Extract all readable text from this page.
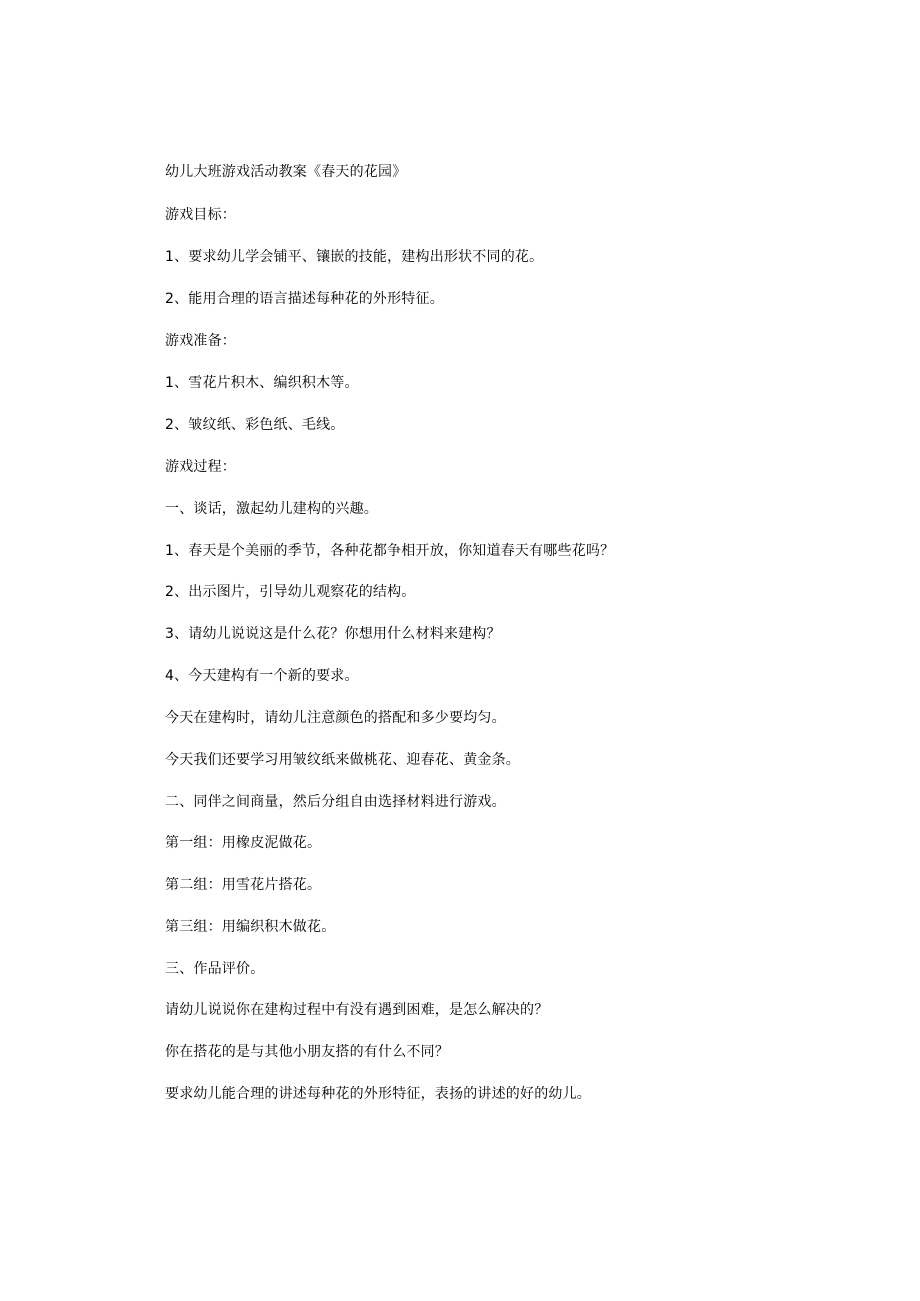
幼儿大班游戏活动教案《春天的花园》
游戏目标：
1、要求幼儿学会铺平、镶嵌的技能，建构出形状不同的花。
2、能用合理的语言描述每种花的外形特征。
游戏准备：
1、雪花片积木、编织积木等。
2、皱纹纸、彩色纸、毛线。
游戏过程：
一、谈话，激起幼儿建构的兴趣。
1、春天是个美丽的季节，各种花都争相开放，你知道春天有哪些花吗？
2、出示图片，引导幼儿观察花的结构。
3、请幼儿说说这是什么花？你想用什么材料来建构？
4、今天建构有一个新的要求。
今天在建构时，请幼儿注意颜色的搭配和多少要均匀。
今天我们还要学习用皱纹纸来做桃花、迎春花、黄金条。
二、同伴之间商量，然后分组自由选择材料进行游戏。
第一组：用橡皮泥做花。
第二组：用雪花片搭花。
第三组：用编织积木做花。
三、作品评价。
请幼儿说说你在建构过程中有没有遇到困难，是怎么解决的？
你在搭花的是与其他小朋友搭的有什么不同？
要求幼儿能合理的讲述每种花的外形特征，表扬的讲述的好的幼儿。
